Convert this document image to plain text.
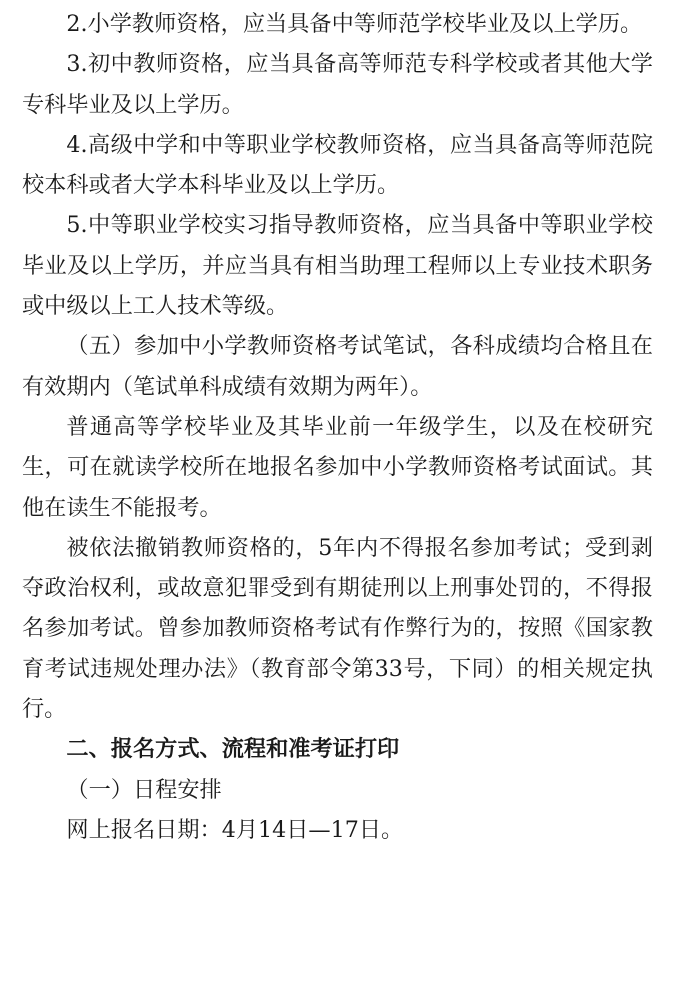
2.小学教师资格，应当具备中等师范学校毕业及以上学历。

3.初中教师资格，应当具备高等师范专科学校或者其他大学专科毕业及以上学历。

4.高级中学和中等职业学校教师资格，应当具备高等师范院校本科或者大学本科毕业及以上学历。

5.中等职业学校实习指导教师资格，应当具备中等职业学校毕业及以上学历，并应当具有相当助理工程师以上专业技术职务或中级以上工人技术等级。

（五）参加中小学教师资格考试笔试，各科成绩均合格且在有效期内（笔试单科成绩有效期为两年）。

普通高等学校毕业及其毕业前一年级学生，以及在校研究生，可在就读学校所在地报名参加中小学教师资格考试面试。其他在读生不能报考。

被依法撤销教师资格的，5年内不得报名参加考试；受到剥夺政治权利，或故意犯罪受到有期徒刑以上刑事处罚的，不得报名参加考试。曾参加教师资格考试有作弊行为的，按照《国家教育考试违规处理办法》（教育部令第33号，下同）的相关规定执行。

二、报名方式、流程和准考证打印

（一）日程安排

网上报名日期：4月14日—17日。
